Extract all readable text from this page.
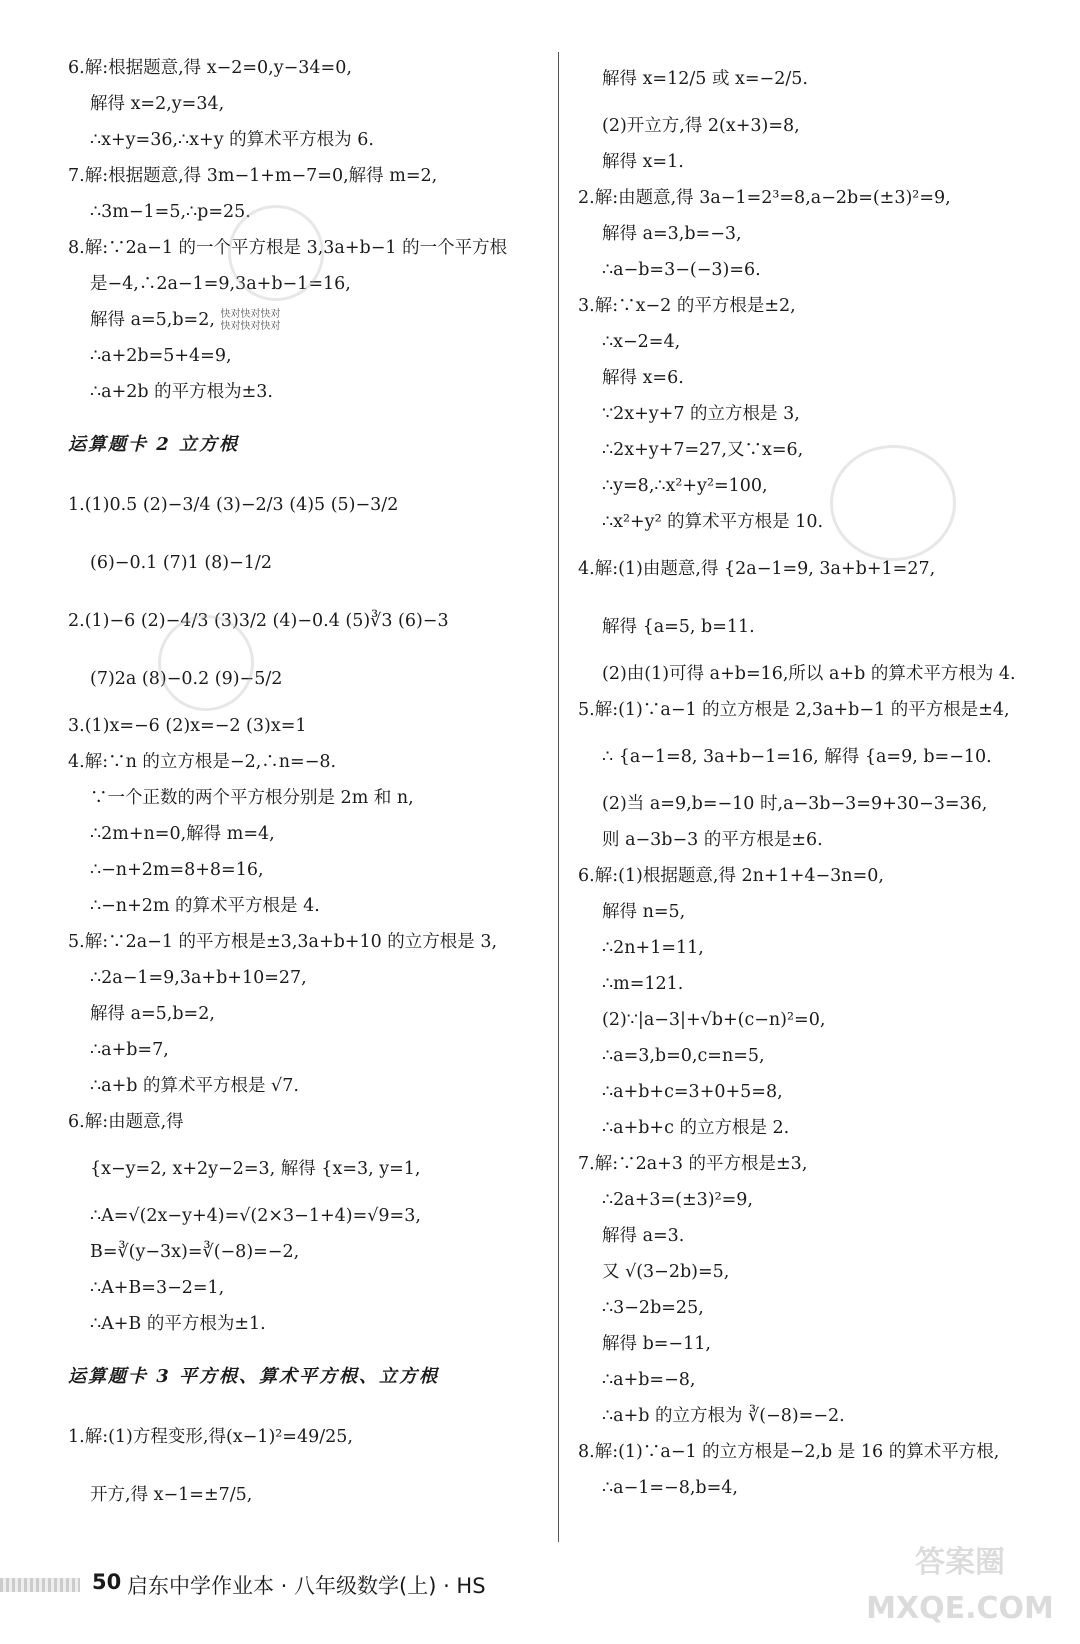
6.解:根据题意,得 x−2=0,y−34=0,
解得 x=2,y=34,
∴x+y=36,∴x+y 的算术平方根为 6.
7.解:根据题意,得 3m−1+m−7=0,解得 m=2,
∴3m−1=5,∴p=25.
8.解:∵2a−1 的一个平方根是 3,3a+b−1 的一个平方根
是−4,∴2a−1=9,3a+b−1=16,
解得 a=5,b=2, 快对快对快对
快对快对快对
∴a+2b=5+4=9,
∴a+2b 的平方根为±3.
运算题卡 2 立方根
1.(1)0.5 (2)−3/4 (3)−2/3 (4)5 (5)−3/2
(6)−0.1 (7)1 (8)−1/2
2.(1)−6 (2)−4/3 (3)3/2 (4)−0.4 (5)∛3 (6)−3
(7)2a (8)−0.2 (9)−5/2
3.(1)x=−6 (2)x=−2 (3)x=1
4.解:∵n 的立方根是−2,∴n=−8.
∵一个正数的两个平方根分别是 2m 和 n,
∴2m+n=0,解得 m=4,
∴−n+2m=8+8=16,
∴−n+2m 的算术平方根是 4.
5.解:∵2a−1 的平方根是±3,3a+b+10 的立方根是 3,
∴2a−1=9,3a+b+10=27,
解得 a=5,b=2,
∴a+b=7,
∴a+b 的算术平方根是 √7.
6.解:由题意,得
{x−y=2, x+2y−2=3, 解得 {x=3, y=1,
∴A=√(2x−y+4)=√(2×3−1+4)=√9=3,
B=∛(y−3x)=∛(−8)=−2,
∴A+B=3−2=1,
∴A+B 的平方根为±1.
运算题卡 3 平方根、算术平方根、立方根
1.解:(1)方程变形,得(x−1)²=49/25,
开方,得 x−1=±7/5,
解得 x=12/5 或 x=−2/5.
(2)开立方,得 2(x+3)=8,
解得 x=1.
2.解:由题意,得 3a−1=2³=8,a−2b=(±3)²=9,
解得 a=3,b=−3,
∴a−b=3−(−3)=6.
3.解:∵x−2 的平方根是±2,
∴x−2=4,
解得 x=6.
∵2x+y+7 的立方根是 3,
∴2x+y+7=27,又∵x=6,
∴y=8,∴x²+y²=100,
∴x²+y² 的算术平方根是 10.
4.解:(1)由题意,得 {2a−1=9, 3a+b+1=27,
解得 {a=5, b=11.
(2)由(1)可得 a+b=16,所以 a+b 的算术平方根为 4.
5.解:(1)∵a−1 的立方根是 2,3a+b−1 的平方根是±4,
∴ {a−1=8, 3a+b−1=16, 解得 {a=9, b=−10.
(2)当 a=9,b=−10 时,a−3b−3=9+30−3=36,
则 a−3b−3 的平方根是±6.
6.解:(1)根据题意,得 2n+1+4−3n=0,
解得 n=5,
∴2n+1=11,
∴m=121.
(2)∵|a−3|+√b+(c−n)²=0,
∴a=3,b=0,c=n=5,
∴a+b+c=3+0+5=8,
∴a+b+c 的立方根是 2.
7.解:∵2a+3 的平方根是±3,
∴2a+3=(±3)²=9,
解得 a=3.
又 √(3−2b)=5,
∴3−2b=25,
解得 b=−11,
∴a+b=−8,
∴a+b 的立方根为 ∛(−8)=−2.
8.解:(1)∵a−1 的立方根是−2,b 是 16 的算术平方根,
∴a−1=−8,b=4,
50 启东中学作业本 · 八年级数学(上) · HS
答案圈 MXQE.COM
